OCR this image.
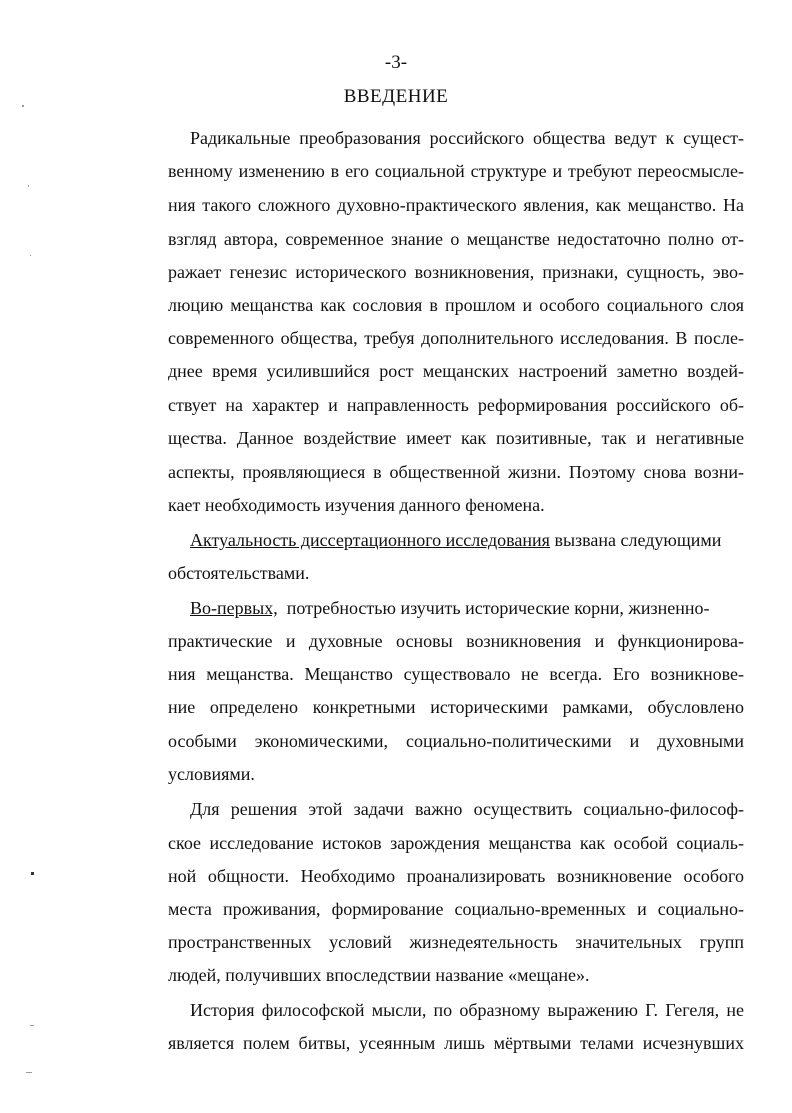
-3-
ВВЕДЕНИЕ
Радикальные преобразования российского общества ведут к сущест-
венному изменению в его социальной структуре и требуют переосмысле-
ния такого сложного духовно-практического явления, как мещанство. На
взгляд автора, современное знание о мещанстве недостаточно полно от-
ражает генезис исторического возникновения, признаки, сущность, эво-
люцию мещанства как сословия в прошлом и особого социального слоя
современного общества, требуя дополнительного исследования. В после-
днее время усилившийся рост мещанских настроений заметно воздей-
ствует на характер и направленность реформирования российского об-
щества. Данное воздействие имеет как позитивные, так и негативные
аспекты, проявляющиеся в общественной жизни. Поэтому снова возни-
кает необходимость изучения данного феномена.
Актуальность диссертационного исследования вызвана следующими
обстоятельствами.
Во-первых,  потребностью изучить исторические корни, жизненно-
практические и духовные основы возникновения и функционирова-
ния мещанства. Мещанство существовало не всегда. Его возникнове-
ние определено конкретными историческими рамками, обусловлено
особыми экономическими, социально-политическими и духовными
условиями.
Для решения этой задачи важно осуществить социально-философ-
ское исследование истоков зарождения мещанства как особой социаль-
ной общности. Необходимо проанализировать возникновение особого
места проживания, формирование социально-временных и социально-
пространственных условий жизнедеятельность значительных групп
людей, получивших впоследствии название «мещане».
История философской мысли, по образному выражению Г. Гегеля, не
является полем битвы, усеянным лишь мёртвыми телами исчезнувших
